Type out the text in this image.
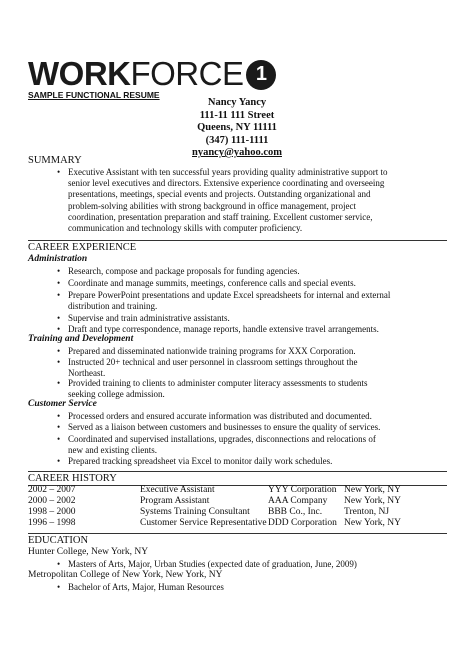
WORK FORCE 1
SAMPLE FUNCTIONAL RESUME
Nancy Yancy
111-11 111 Street
Queens, NY 11111
(347) 111-1111
nyancy@yahoo.com
SUMMARY
• Executive Assistant with ten successful years providing quality administrative support to
senior level executives and directors. Extensive experience coordinating and overseeing
presentations, meetings, special events and projects. Outstanding organizational and
problem-solving abilities with strong background in office management, project
coordination, presentation preparation and staff training. Excellent customer service,
communication and technology skills with computer proficiency.
CAREER EXPERIENCE
Administration
• Research, compose and package proposals for funding agencies.
• Coordinate and manage summits, meetings, conference calls and special events.
• Prepare PowerPoint presentations and update Excel spreadsheets for internal and external
distribution and training.
• Supervise and train administrative assistants.
• Draft and type correspondence, manage reports, handle extensive travel arrangements.
Training and Development
• Prepared and disseminated nationwide training programs for XXX Corporation.
• Instructed 20+ technical and user personnel in classroom settings throughout the
Northeast.
• Provided training to clients to administer computer literacy assessments to students
seeking college admission.
Customer Service
• Processed orders and ensured accurate information was distributed and documented.
• Served as a liaison between customers and businesses to ensure the quality of services.
• Coordinated and supervised installations, upgrades, disconnections and relocations of
new and existing clients.
• Prepared tracking spreadsheet via Excel to monitor daily work schedules.
CAREER HISTORY
2002 – 2007	Executive Assistant	YYY Corporation New York, NY
2000 – 2002	Program Assistant	AAA Company New York, NY
1998 – 2000	Systems Training Consultant BBB Co., Inc. Trenton, NJ
1996 – 1998	Customer Service Representative DDD Corporation New York, NY
EDUCATION
Hunter College, New York, NY
• Masters of Arts, Major, Urban Studies (expected date of graduation, June, 2009)
Metropolitan College of New York, New York, NY
• Bachelor of Arts, Major, Human Resources
